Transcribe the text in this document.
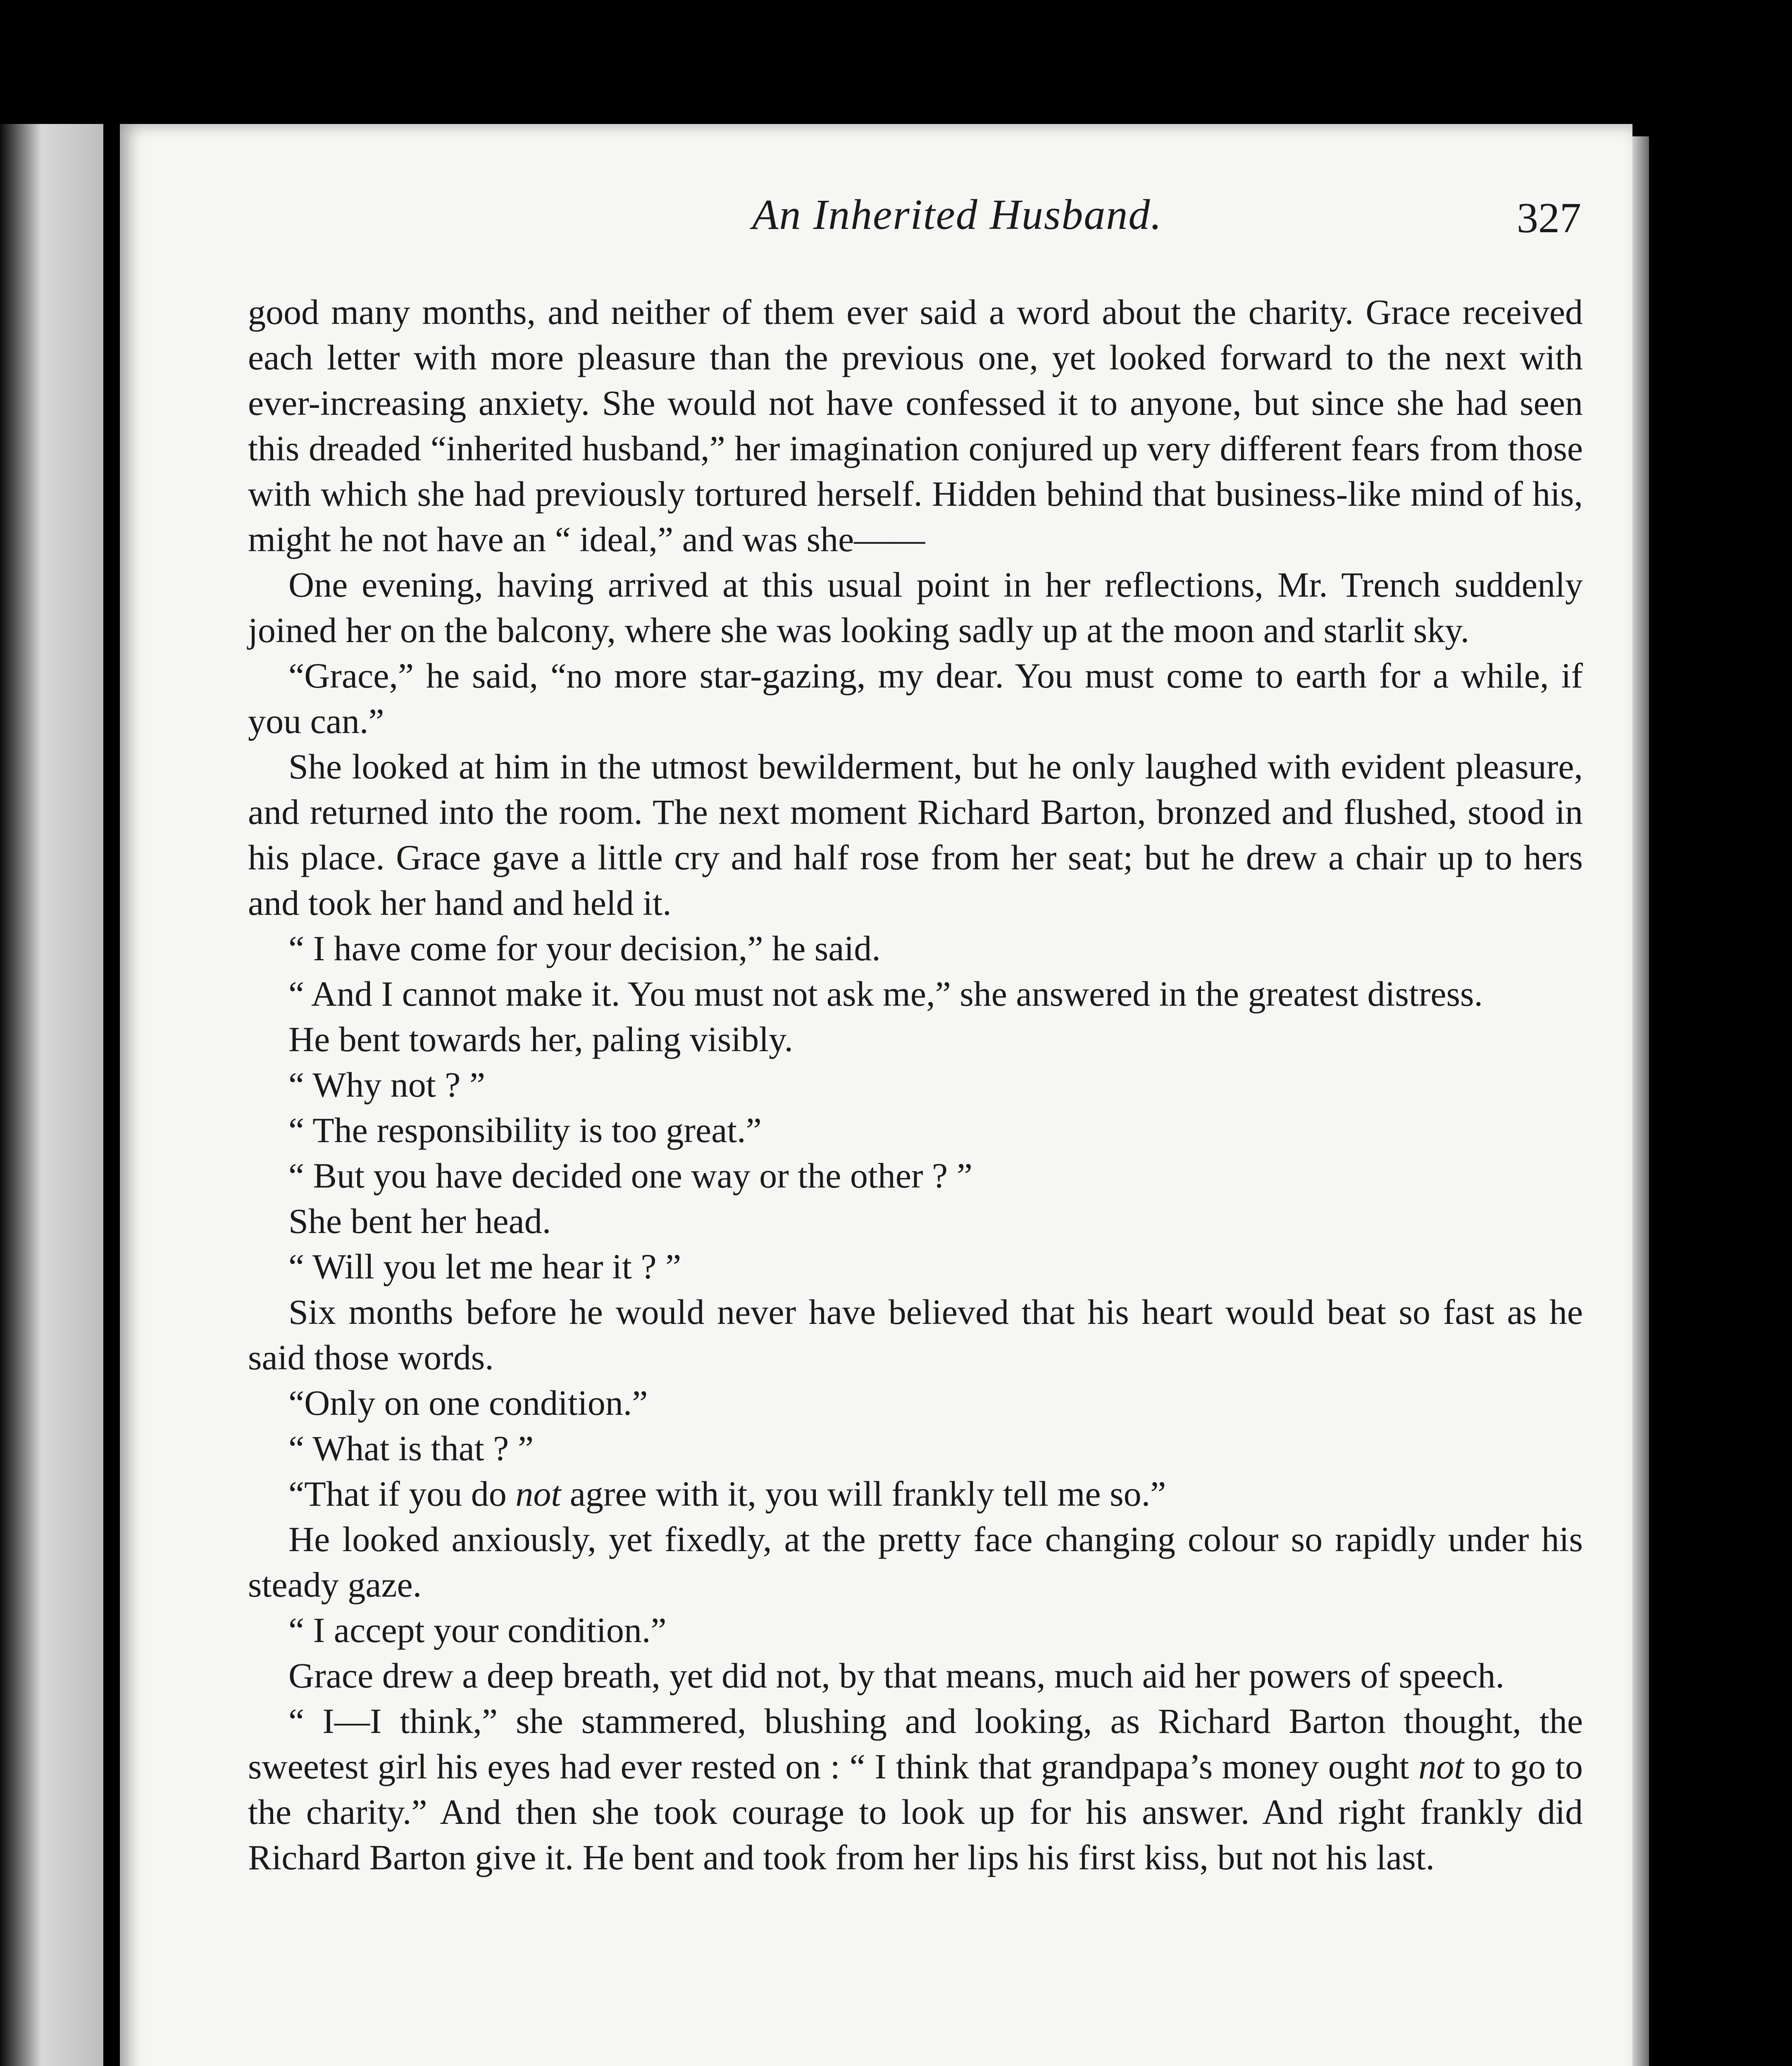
An Inherited Husband.	327

good many months, and neither of them ever said a word about the charity. Grace received each letter with more pleasure than the previous one, yet looked forward to the next with ever-increasing anxiety. She would not have confessed it to anyone, but since she had seen this dreaded “inherited husband,” her imagination conjured up very different fears from those with which she had previously tortured herself. Hidden behind that business-like mind of his, might he not have an “ ideal,” and was she——

One evening, having arrived at this usual point in her reflections, Mr. Trench suddenly joined her on the balcony, where she was looking sadly up at the moon and starlit sky.

“Grace,” he said, “no more star-gazing, my dear. You must come to earth for a while, if you can.”

She looked at him in the utmost bewilderment, but he only laughed with evident pleasure, and returned into the room. The next moment Richard Barton, bronzed and flushed, stood in his place. Grace gave a little cry and half rose from her seat; but he drew a chair up to hers and took her hand and held it.

“ I have come for your decision,” he said.

“ And I cannot make it. You must not ask me,” she answered in the greatest distress.

He bent towards her, paling visibly.

“ Why not ? ”

“ The responsibility is too great.”

“ But you have decided one way or the other ? ”

She bent her head.

“ Will you let me hear it ? ”

Six months before he would never have believed that his heart would beat so fast as he said those words.

“Only on one condition.”

“ What is that ? ”

“That if you do not agree with it, you will frankly tell me so.”

He looked anxiously, yet fixedly, at the pretty face changing colour so rapidly under his steady gaze.

“ I accept your condition.”

Grace drew a deep breath, yet did not, by that means, much aid her powers of speech.

“ I—I think,” she stammered, blushing and looking, as Richard Barton thought, the sweetest girl his eyes had ever rested on : “ I think that grandpapa’s money ought not to go to the charity.” And then she took courage to look up for his answer. And right frankly did Richard Barton give it. He bent and took from her lips his first kiss, but not his last.
